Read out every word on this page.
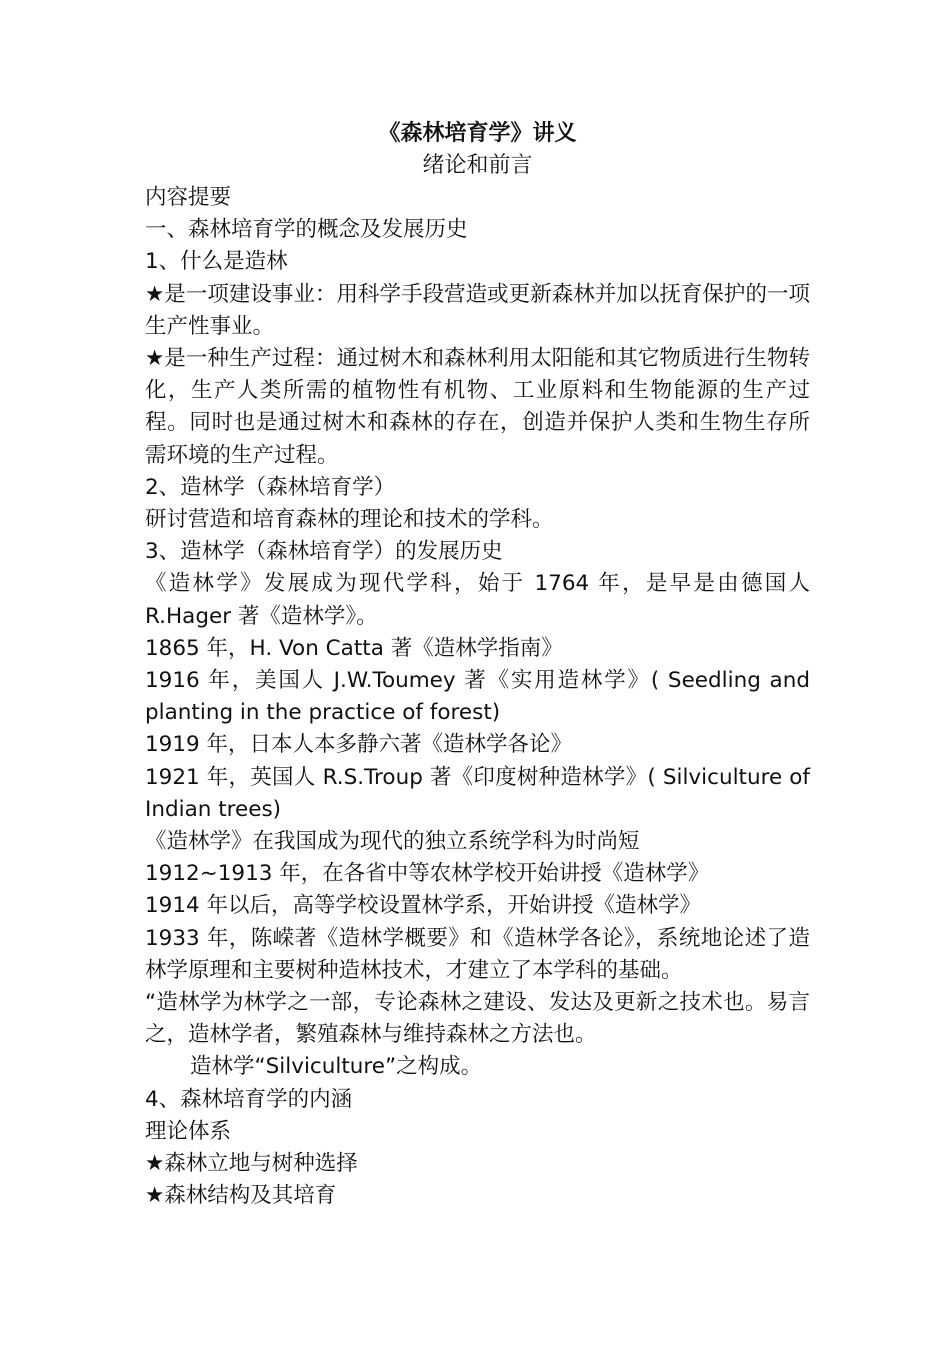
《森林培育学》讲义
绪论和前言

内容提要

一、森林培育学的概念及发展历史

1、什么是造林

★是一项建设事业：用科学手段营造或更新森林并加以抚育保护的一项生产性事业。

★是一种生产过程：通过树木和森林利用太阳能和其它物质进行生物转化，生产人类所需的植物性有机物、工业原料和生物能源的生产过程。同时也是通过树木和森林的存在，创造并保护人类和生物生存所需环境的生产过程。

2、造林学（森林培育学）

研讨营造和培育森林的理论和技术的学科。

3、造林学（森林培育学）的发展历史

《造林学》发展成为现代学科，始于 1764 年，是早是由德国人 R.Hager 著《造林学》。

1865 年，H. Von Catta 著《造林学指南》

1916 年，美国人 J.W.Toumey 著《实用造林学》( Seedling and planting in the practice of forest)

1919 年，日本人本多静六著《造林学各论》

1921 年，英国人 R.S.Troup 著《印度树种造林学》( Silviculture of Indian trees)

《造林学》在我国成为现代的独立系统学科为时尚短

1912~1913 年，在各省中等农林学校开始讲授《造林学》

1914 年以后，高等学校设置林学系，开始讲授《造林学》

1933 年，陈嵘著《造林学概要》和《造林学各论》，系统地论述了造林学原理和主要树种造林技术，才建立了本学科的基础。

“造林学为林学之一部，专论森林之建设、发达及更新之技术也。易言之，造林学者，繁殖森林与维持森林之方法也。

造林学“Silviculture”之构成。

4、森林培育学的内涵

理论体系

★森林立地与树种选择

★森林结构及其培育
